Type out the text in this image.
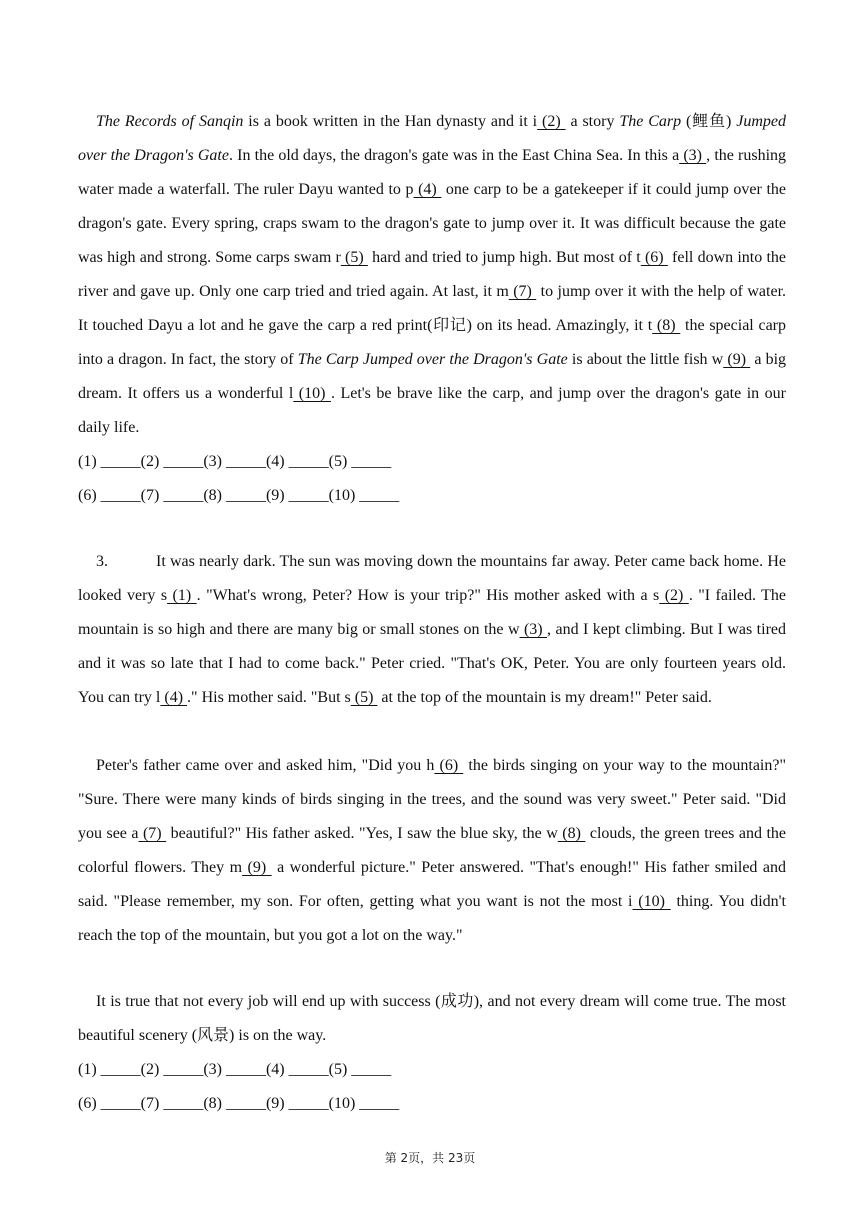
The Records of Sanqin is a book written in the Han dynasty and it i (2)  a story The Carp (鲤鱼) Jumped over the Dragon's Gate. In the old days, the dragon's gate was in the East China Sea. In this a (3) , the rushing water made a waterfall. The ruler Dayu wanted to p (4)  one carp to be a gatekeeper if it could jump over the dragon's gate. Every spring, craps swam to the dragon's gate to jump over it. It was difficult because the gate was high and strong. Some carps swam r (5)  hard and tried to jump high. But most of t (6)  fell down into the river and gave up. Only one carp tried and tried again. At last, it m (7)  to jump over it with the help of water. It touched Dayu a lot and he gave the carp a red print(印记) on its head. Amazingly, it t (8)  the special carp into a dragon. In fact, the story of The Carp Jumped over the Dragon's Gate is about the little fish w (9)  a big dream. It offers us a wonderful l (10) . Let's be brave like the carp, and jump over the dragon's gate in our daily life.

(1) _____(2) _____(3) _____(4) _____(5) _____
(6) _____(7) _____(8) _____(9) _____(10) _____

3.	It was nearly dark. The sun was moving down the mountains far away. Peter came back home. He looked very s (1) . "What's wrong, Peter? How is your trip?" His mother asked with a s (2) . "I failed. The mountain is so high and there are many big or small stones on the w (3) , and I kept climbing. But I was tired and it was so late that I had to come back." Peter cried. "That's OK, Peter. You are only fourteen years old. You can try l (4) ." His mother said. "But s (5)  at the top of the mountain is my dream!" Peter said.

Peter's father came over and asked him, "Did you h (6)  the birds singing on your way to the mountain?" "Sure. There were many kinds of birds singing in the trees, and the sound was very sweet." Peter said. "Did you see a (7)  beautiful?" His father asked. "Yes, I saw the blue sky, the w (8)  clouds, the green trees and the colorful flowers. They m (9)  a wonderful picture." Peter answered. "That's enough!" His father smiled and said. "Please remember, my son. For often, getting what you want is not the most i (10)  thing. You didn't reach the top of the mountain, but you got a lot on the way."

It is true that not every job will end up with success (成功), and not every dream will come true. The most beautiful scenery (风景) is on the way.

(1) _____(2) _____(3) _____(4) _____(5) _____
(6) _____(7) _____(8) _____(9) _____(10) _____
第 2页，共 23页
